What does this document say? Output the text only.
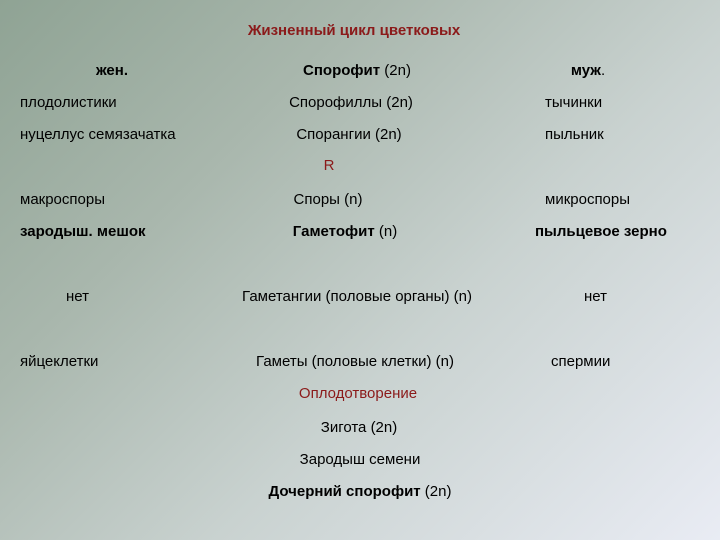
Жизненный цикл цветковых
жен.	Спорофит (2n)	муж.
плодолистики	Спорофиллы (2n)	тычинки
нуцеллус семязачатка	Спорангии (2n)	пыльник
R
макроспоры	Споры (n)	микроспоры
зародыш. мешок	Гаметофит (n)	пыльцевое зерно
нет	Гаметангии (половые органы) (n)	нет
яйцеклетки	Гаметы (половые клетки) (n)	спермии
Оплодотворение
Зигота (2n)
Зародыш семени
Дочерний спорофит (2n)
